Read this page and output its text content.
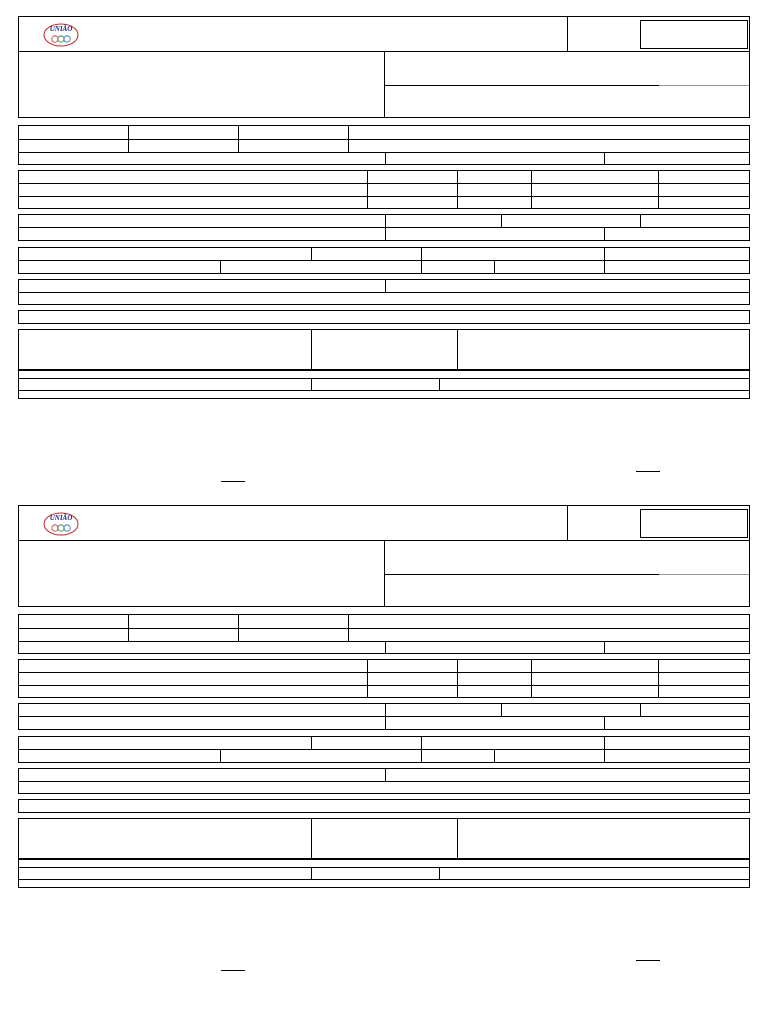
UNIÃO
UNIÃO
